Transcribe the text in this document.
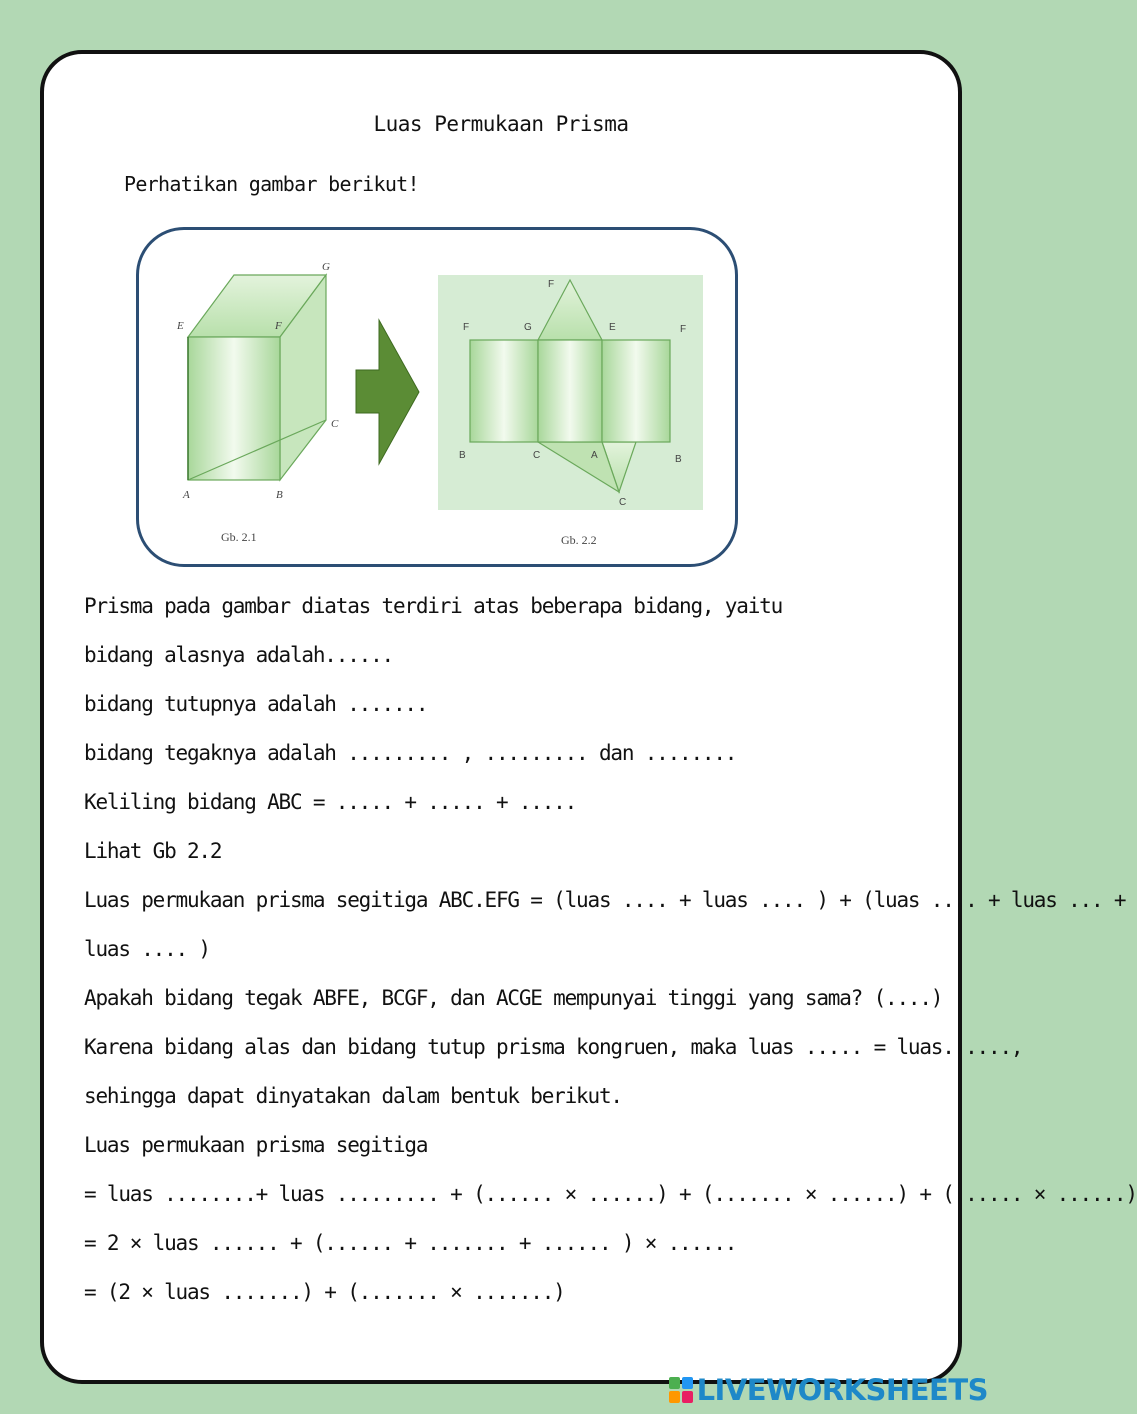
Luas Permukaan Prisma
Perhatikan gambar berikut!
G
E	F
C
A	B
Gb. 2.1
F
F	G	E	F
B	C	A	B
C
Gb. 2.2
Prisma pada gambar diatas terdiri atas beberapa bidang, yaitu
bidang alasnya adalah......
bidang tutupnya adalah .......
bidang tegaknya adalah ......... , ......... dan ........
Keliling bidang ABC = ..... + ..... + .....
Lihat Gb 2.2
Luas permukaan prisma segitiga ABC.EFG = (luas .... + luas .... ) + (luas .... + luas ... +
luas .... )
Apakah bidang tegak ABFE, BCGF, dan ACGE mempunyai tinggi yang sama? (....)
Karena bidang alas dan bidang tutup prisma kongruen, maka luas ..... = luas......,
sehingga dapat dinyatakan dalam bentuk berikut.
Luas permukaan prisma segitiga
= luas ........+ luas ......... + (...... × ......) + (....... × ......) + (...... × ......)
= 2 × luas ...... + (...... + ....... + ...... ) × ......
= (2 × luas .......) + (....... × .......)
LIVEWORKSHEETS
